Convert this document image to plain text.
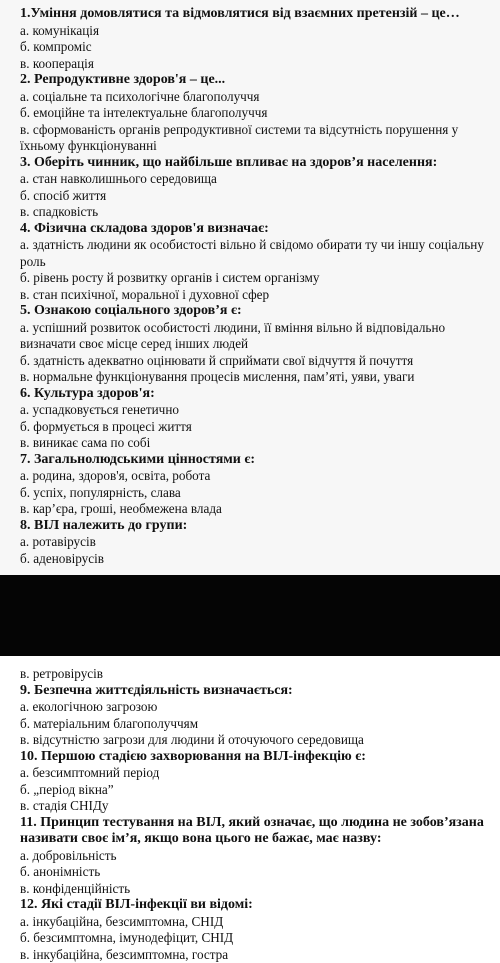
1.Уміння домовлятися та відмовлятися від взаємних претензій – це…

а. комунікація

б. компроміс

в. кооперація

2. Репродуктивне здоров'я – це...

а. соціальне та психологічне благополуччя

б. емоційне та інтелектуальне благополуччя

в. сформованість органів репродуктивної системи та відсутність порушення у їхньому функціонуванні

3. Оберіть чинник, що найбільше впливає на здоров’я населення:

а. стан навколишнього середовища

б. спосіб життя

в. спадковість

4. Фізична складова здоров'я визначає:

а. здатність людини як особистості вільно й свідомо обирати ту чи іншу соціальну роль

б. рівень росту й розвитку органів і систем організму

в. стан психічної, моральної і духовної сфер

5. Ознакою соціального здоров’я є:

а. успішний розвиток особистості людини, її вміння вільно й відповідально визначати своє місце серед інших людей

б. здатність адекватно оцінювати й сприймати свої відчуття й почуття

в. нормальне функціонування процесів мислення, пам’яті, уяви, уваги

6. Культура здоров'я:

а. успадковується генетично

б. формується в процесі життя

в. виникає сама по собі

7. Загальнолюдськими цінностями є:

а. родина, здоров'я, освіта, робота

б. успіх, популярність, слава

в. кар’єра, гроші, необмежена влада

8. ВІЛ належить до групи:

а. ротавірусів

б. аденовірусів

в. ретровірусів

9. Безпечна життєдіяльність визначається:

а. екологічною загрозою

б. матеріальним благополуччям

в. відсутністю загрози для людини й оточуючого середовища

10. Першою стадією захворювання на ВІЛ-інфекцію є:

а. безсимптомний період

б. „період вікна”

в. стадія СНІДу

11. Принцип тестування на ВІЛ, який означає, що людина не зобов’язана називати своє ім’я, якщо вона цього не бажає, має назву:

а. добровільність

б. анонімність

в. конфіденційність

12. Які стадії ВІЛ-інфекції ви відомі:

а. інкубаційна, безсимптомна, СНІД

б. безсимптомна, імунодефіцит, СНІД

в. інкубаційна, безсимптомна, гостра
